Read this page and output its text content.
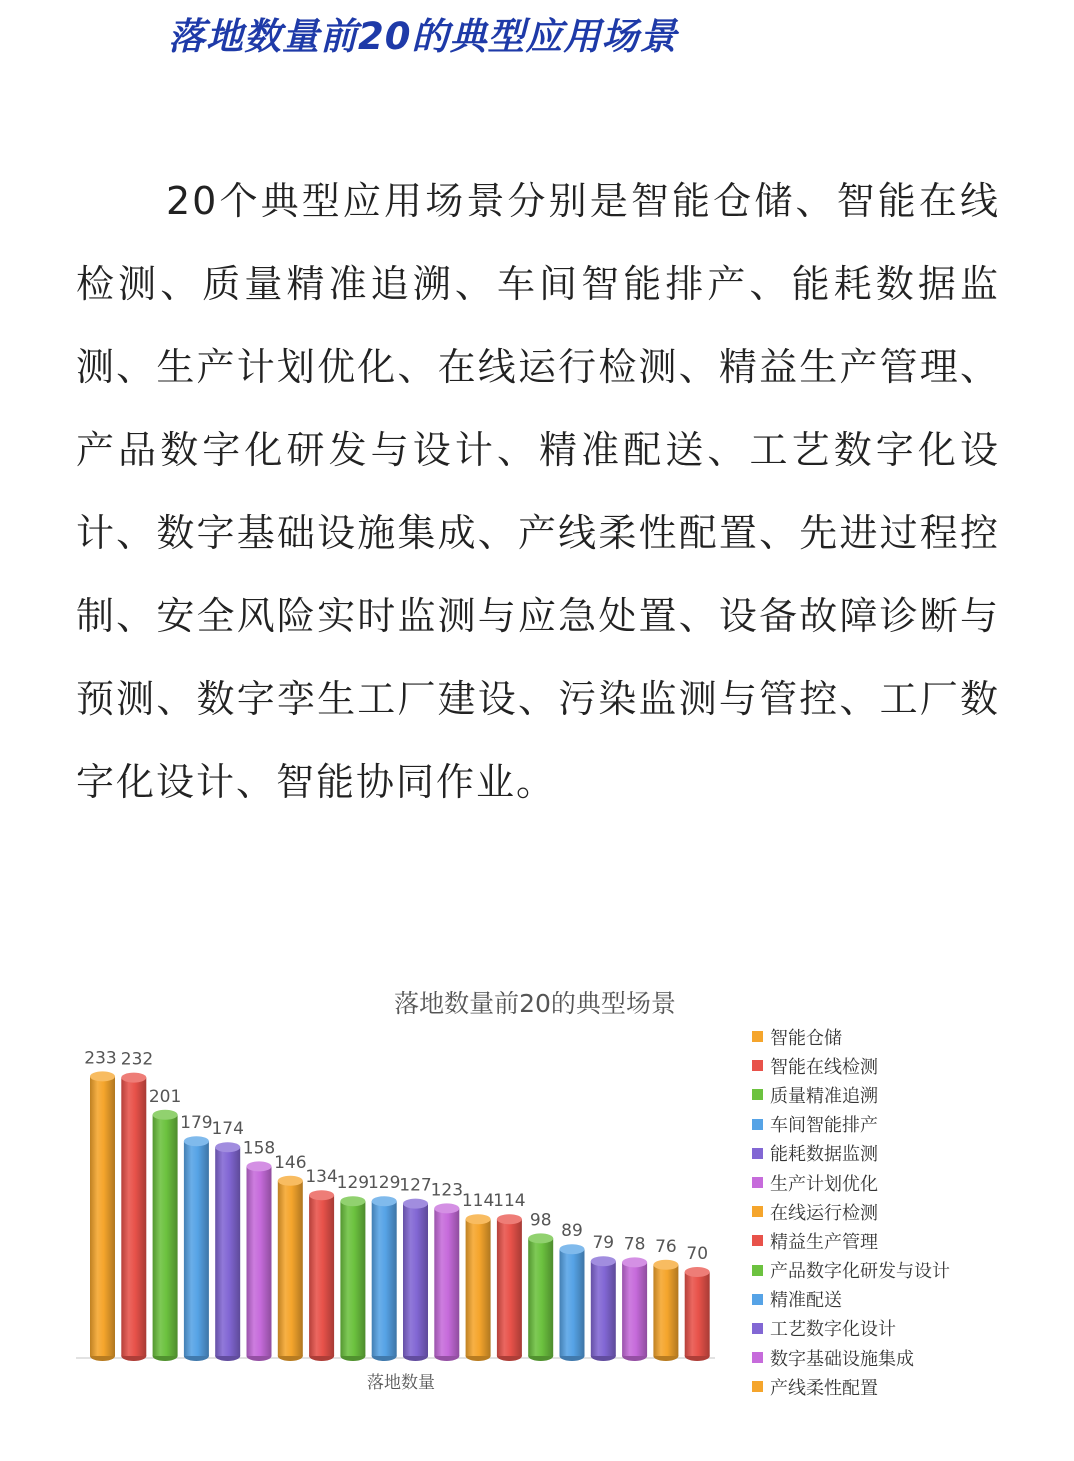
落地数量前20的典型应用场景

20个典型应用场景分别是智能仓储、智能在线检测、质量精准追溯、车间智能排产、能耗数据监测、生产计划优化、在线运行检测、精益生产管理、产品数字化研发与设计、精准配送、工艺数字化设计、数字基础设施集成、产线柔性配置、先进过程控制、安全风险实时监测与应急处置、设备故障诊断与预测、数字孪生工厂建设、污染监测与管控、工厂数字化设计、智能协同作业。

落地数量前20的典型场景
233 232
201
179
174
158
146
134
129
129
127
123
114
114
98
89
79 78 76 70
落地数量
智能仓储
智能在线检测
质量精准追溯
车间智能排产
能耗数据监测
生产计划优化
在线运行检测
精益生产管理
产品数字化研发与设计
精准配送
工艺数字化设计
数字基础设施集成
产线柔性配置
